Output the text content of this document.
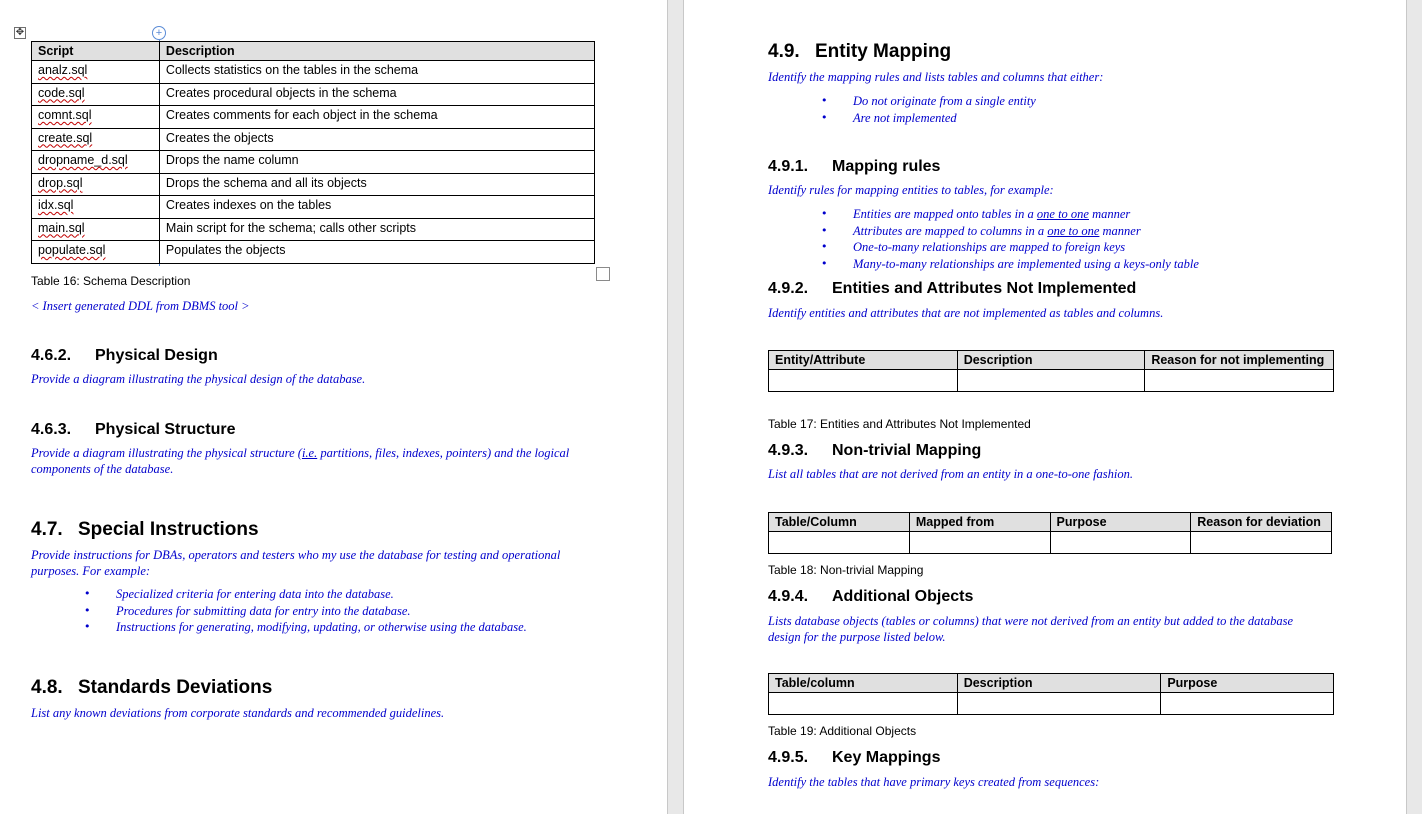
✥	+
Script	Description
analz.sql	Collects statistics on the tables in the schema
code.sql	Creates procedural objects in the schema
comnt.sql	Creates comments for each object in the schema
create.sql	Creates the objects
dropname_d.sql	Drops the name column
drop.sql	Drops the schema and all its objects
idx.sql	Creates indexes on the tables
main.sql	Main script for the schema; calls other scripts
populate.sql	Populates the objects
Table 16: Schema Description
< Insert generated DDL from DBMS tool >
4.6.2. Physical Design
Provide a diagram illustrating the physical design of the database.
4.6.3. Physical Structure
Provide a diagram illustrating the physical structure (i.e. partitions, files, indexes, pointers) and the logical components of the database.
4.7. Special Instructions
Provide instructions for DBAs, operators and testers who my use the database for testing and operational purposes. For example:
• Specialized criteria for entering data into the database.
• Procedures for submitting data for entry into the database.
• Instructions for generating, modifying, updating, or otherwise using the database.
4.8. Standards Deviations
List any known deviations from corporate standards and recommended guidelines.
4.9. Entity Mapping
Identify the mapping rules and lists tables and columns that either:
• Do not originate from a single entity
• Are not implemented
4.9.1. Mapping rules
Identify rules for mapping entities to tables, for example:
• Entities are mapped onto tables in a one to one manner
• Attributes are mapped to columns in a one to one manner
• One-to-many relationships are mapped to foreign keys
• Many-to-many relationships are implemented using a keys-only table
4.9.2. Entities and Attributes Not Implemented
Identify entities and attributes that are not implemented as tables and columns.
Entity/Attribute	Description	Reason for not implementing

Table 17: Entities and Attributes Not Implemented
4.9.3. Non-trivial Mapping
List all tables that are not derived from an entity in a one-to-one fashion.
Table/Column	Mapped from	Purpose	Reason for deviation

Table 18: Non-trivial Mapping
4.9.4. Additional Objects
Lists database objects (tables or columns) that were not derived from an entity but added to the database design for the purpose listed below.
Table/column	Description	Purpose

Table 19: Additional Objects
4.9.5. Key Mappings
Identify the tables that have primary keys created from sequences:
